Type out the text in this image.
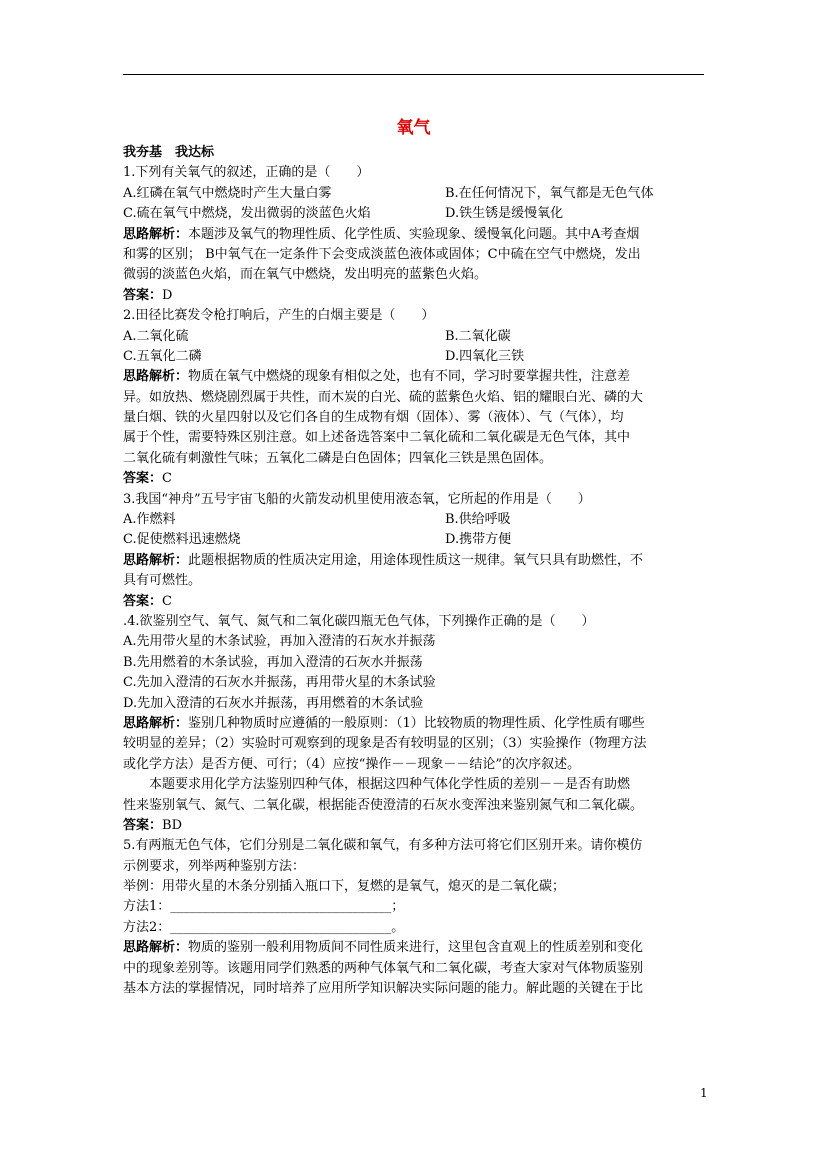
氧气
我夯基　我达标
1.下列有关氧气的叙述，正确的是（　　）
A.红磷在氧气中燃烧时产生大量白雾	B.在任何情况下，氧气都是无色气体
C.硫在氧气中燃烧，发出微弱的淡蓝色火焰	D.铁生锈是缓慢氧化
思路解析：本题涉及氧气的物理性质、化学性质、实验现象、缓慢氧化问题。其中A考查烟
和雾的区别； B中氧气在一定条件下会变成淡蓝色液体或固体；C中硫在空气中燃烧，发出
微弱的淡蓝色火焰，而在氧气中燃烧，发出明亮的蓝紫色火焰。
答案：D
2.田径比赛发令枪打响后，产生的白烟主要是（　　）
A.二氧化硫	B.二氧化碳
C.五氧化二磷	D.四氧化三铁
思路解析：物质在氧气中燃烧的现象有相似之处，也有不同，学习时要掌握共性，注意差
异。如放热、燃烧剧烈属于共性，而木炭的白光、硫的蓝紫色火焰、铝的耀眼白光、磷的大
量白烟、铁的火星四射以及它们各自的生成物有烟（固体）、雾（液体）、气（气体），均
属于个性，需要特殊区别注意。如上述备选答案中二氧化硫和二氧化碳是无色气体，其中
二氧化硫有刺激性气味；五氧化二磷是白色固体；四氧化三铁是黑色固体。
答案：C
3.我国“神舟”五号宇宙飞船的火箭发动机里使用液态氧，它所起的作用是（　　）
A.作燃料	B.供给呼吸
C.促使燃料迅速燃烧	D.携带方便
思路解析：此题根据物质的性质决定用途，用途体现性质这一规律。氧气只具有助燃性，不
具有可燃性。
答案：C
.4.欲鉴别空气、氧气、氮气和二氧化碳四瓶无色气体，下列操作正确的是（　　）
A.先用带火星的木条试验，再加入澄清的石灰水并振荡
B.先用燃着的木条试验，再加入澄清的石灰水并振荡
C.先加入澄清的石灰水并振荡，再用带火星的木条试验
D.先加入澄清的石灰水并振荡，再用燃着的木条试验
思路解析：鉴别几种物质时应遵循的一般原则：（1）比较物质的物理性质、化学性质有哪些
较明显的差异；（2）实验时可观察到的现象是否有较明显的区别；（3）实验操作（物理方法
或化学方法）是否方便、可行；（4）应按“操作－－现象－－结论”的次序叙述。
本题要求用化学方法鉴别四种气体，根据这四种气体化学性质的差别－－是否有助燃
性来鉴别氧气、氮气、二氧化碳，根据能否使澄清的石灰水变浑浊来鉴别氮气和二氧化碳。
答案：BD
5.有两瓶无色气体，它们分别是二氧化碳和氧气，有多种方法可将它们区别开来。请你模仿
示例要求，列举两种鉴别方法：
举例：用带火星的木条分别插入瓶口下，复燃的是氧气，熄灭的是二氧化碳；
方法1：__________________________________；
方法2：__________________________________。
思路解析：物质的鉴别一般利用物质间不同性质来进行，这里包含直观上的性质差别和变化
中的现象差别等。该题用同学们熟悉的两种气体氧气和二氧化碳，考查大家对气体物质鉴别
基本方法的掌握情况，同时培养了应用所学知识解决实际问题的能力。解此题的关键在于比
1
